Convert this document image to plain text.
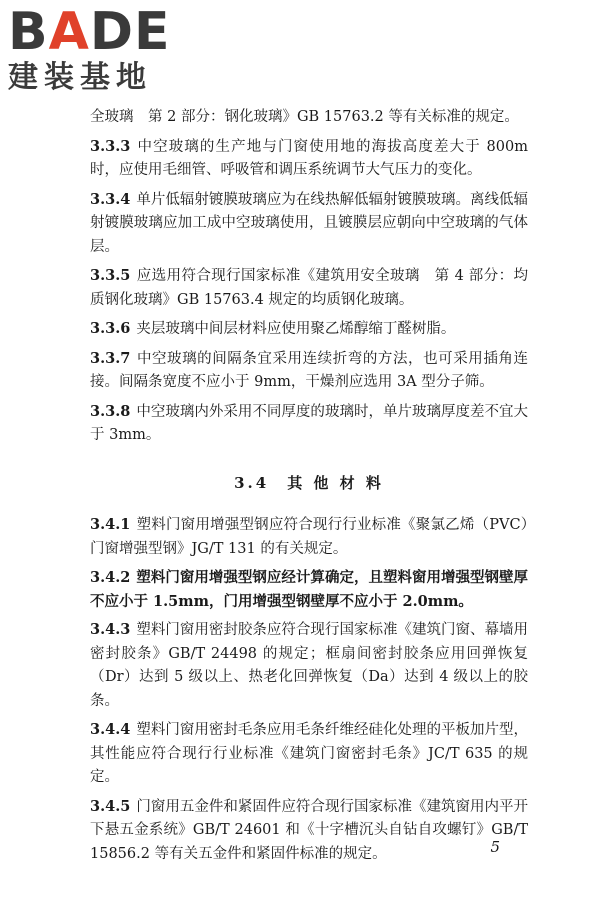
BADE
建装基地

全玻璃　第 2 部分：钢化玻璃》GB 15763.2 等有关标准的规定。

3.3.3 中空玻璃的生产地与门窗使用地的海拔高度差大于 800m 时，应使用毛细管、呼吸管和调压系统调节大气压力的变化。

3.3.4 单片低辐射镀膜玻璃应为在线热解低辐射镀膜玻璃。离线低辐射镀膜玻璃应加工成中空玻璃使用，且镀膜层应朝向中空玻璃的气体层。

3.3.5 应选用符合现行国家标准《建筑用安全玻璃　第 4 部分：均质钢化玻璃》GB 15763.4 规定的均质钢化玻璃。

3.3.6 夹层玻璃中间层材料应使用聚乙烯醇缩丁醛树脂。

3.3.7 中空玻璃的间隔条宜采用连续折弯的方法，也可采用插角连接。间隔条宽度不应小于 9mm，干燥剂应选用 3A 型分子筛。

3.3.8 中空玻璃内外采用不同厚度的玻璃时，单片玻璃厚度差不宜大于 3mm。

3.4　其 他 材 料

3.4.1 塑料门窗用增强型钢应符合现行行业标准《聚氯乙烯（PVC）门窗增强型钢》JG/T 131 的有关规定。

3.4.2 塑料门窗用增强型钢应经计算确定，且塑料窗用增强型钢壁厚不应小于 1.5mm，门用增强型钢壁厚不应小于 2.0mm。

3.4.3 塑料门窗用密封胶条应符合现行国家标准《建筑门窗、幕墙用密封胶条》GB/T 24498 的规定；框扇间密封胶条应用回弹恢复（Dr）达到 5 级以上、热老化回弹恢复（Da）达到 4 级以上的胶条。

3.4.4 塑料门窗用密封毛条应用毛条纤维经硅化处理的平板加片型，其性能应符合现行行业标准《建筑门窗密封毛条》JC/T 635 的规定。

3.4.5 门窗用五金件和紧固件应符合现行国家标准《建筑窗用内平开下悬五金系统》GB/T 24601 和《十字槽沉头自钻自攻螺钉》GB/T 15856.2 等有关五金件和紧固件标准的规定。	5
